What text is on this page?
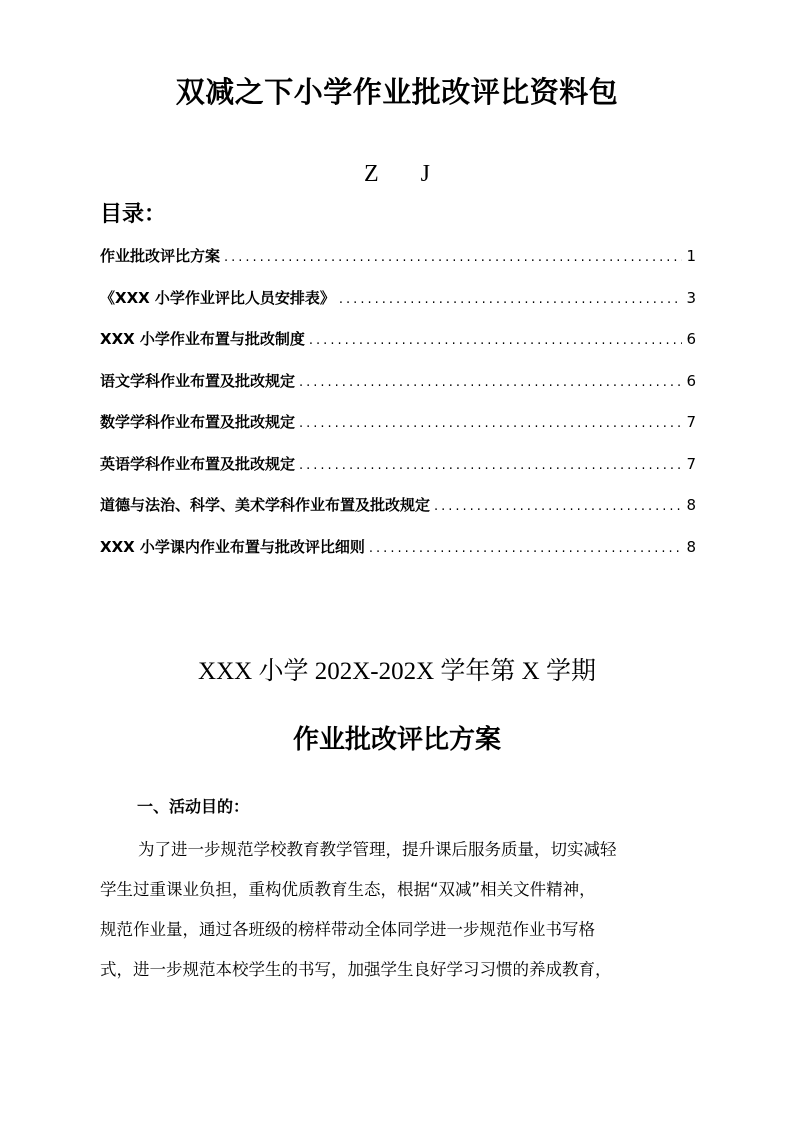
双减之下小学作业批改评比资料包
Z J
目录：
作业批改评比方案 .....	1
《XXX 小学作业评比人员安排表》 .....	3
XXX 小学作业布置与批改制度 .....	6
语文学科作业布置及批改规定 .....	6
数学学科作业布置及批改规定 .....	7
英语学科作业布置及批改规定 .....	7
道德与法治、科学、美术学科作业布置及批改规定 .....	8
XXX 小学课内作业布置与批改评比细则 .....	8
XXX 小学 202X-202X 学年第 X 学期
作业批改评比方案
一、活动目的：
为了进一步规范学校教育教学管理，提升课后服务质量，切实减轻
学生过重课业负担，重构优质教育生态，根据“双减”相关文件精神，
规范作业量，通过各班级的榜样带动全体同学进一步规范作业书写格
式，进一步规范本校学生的书写，加强学生良好学习习惯的养成教育，
